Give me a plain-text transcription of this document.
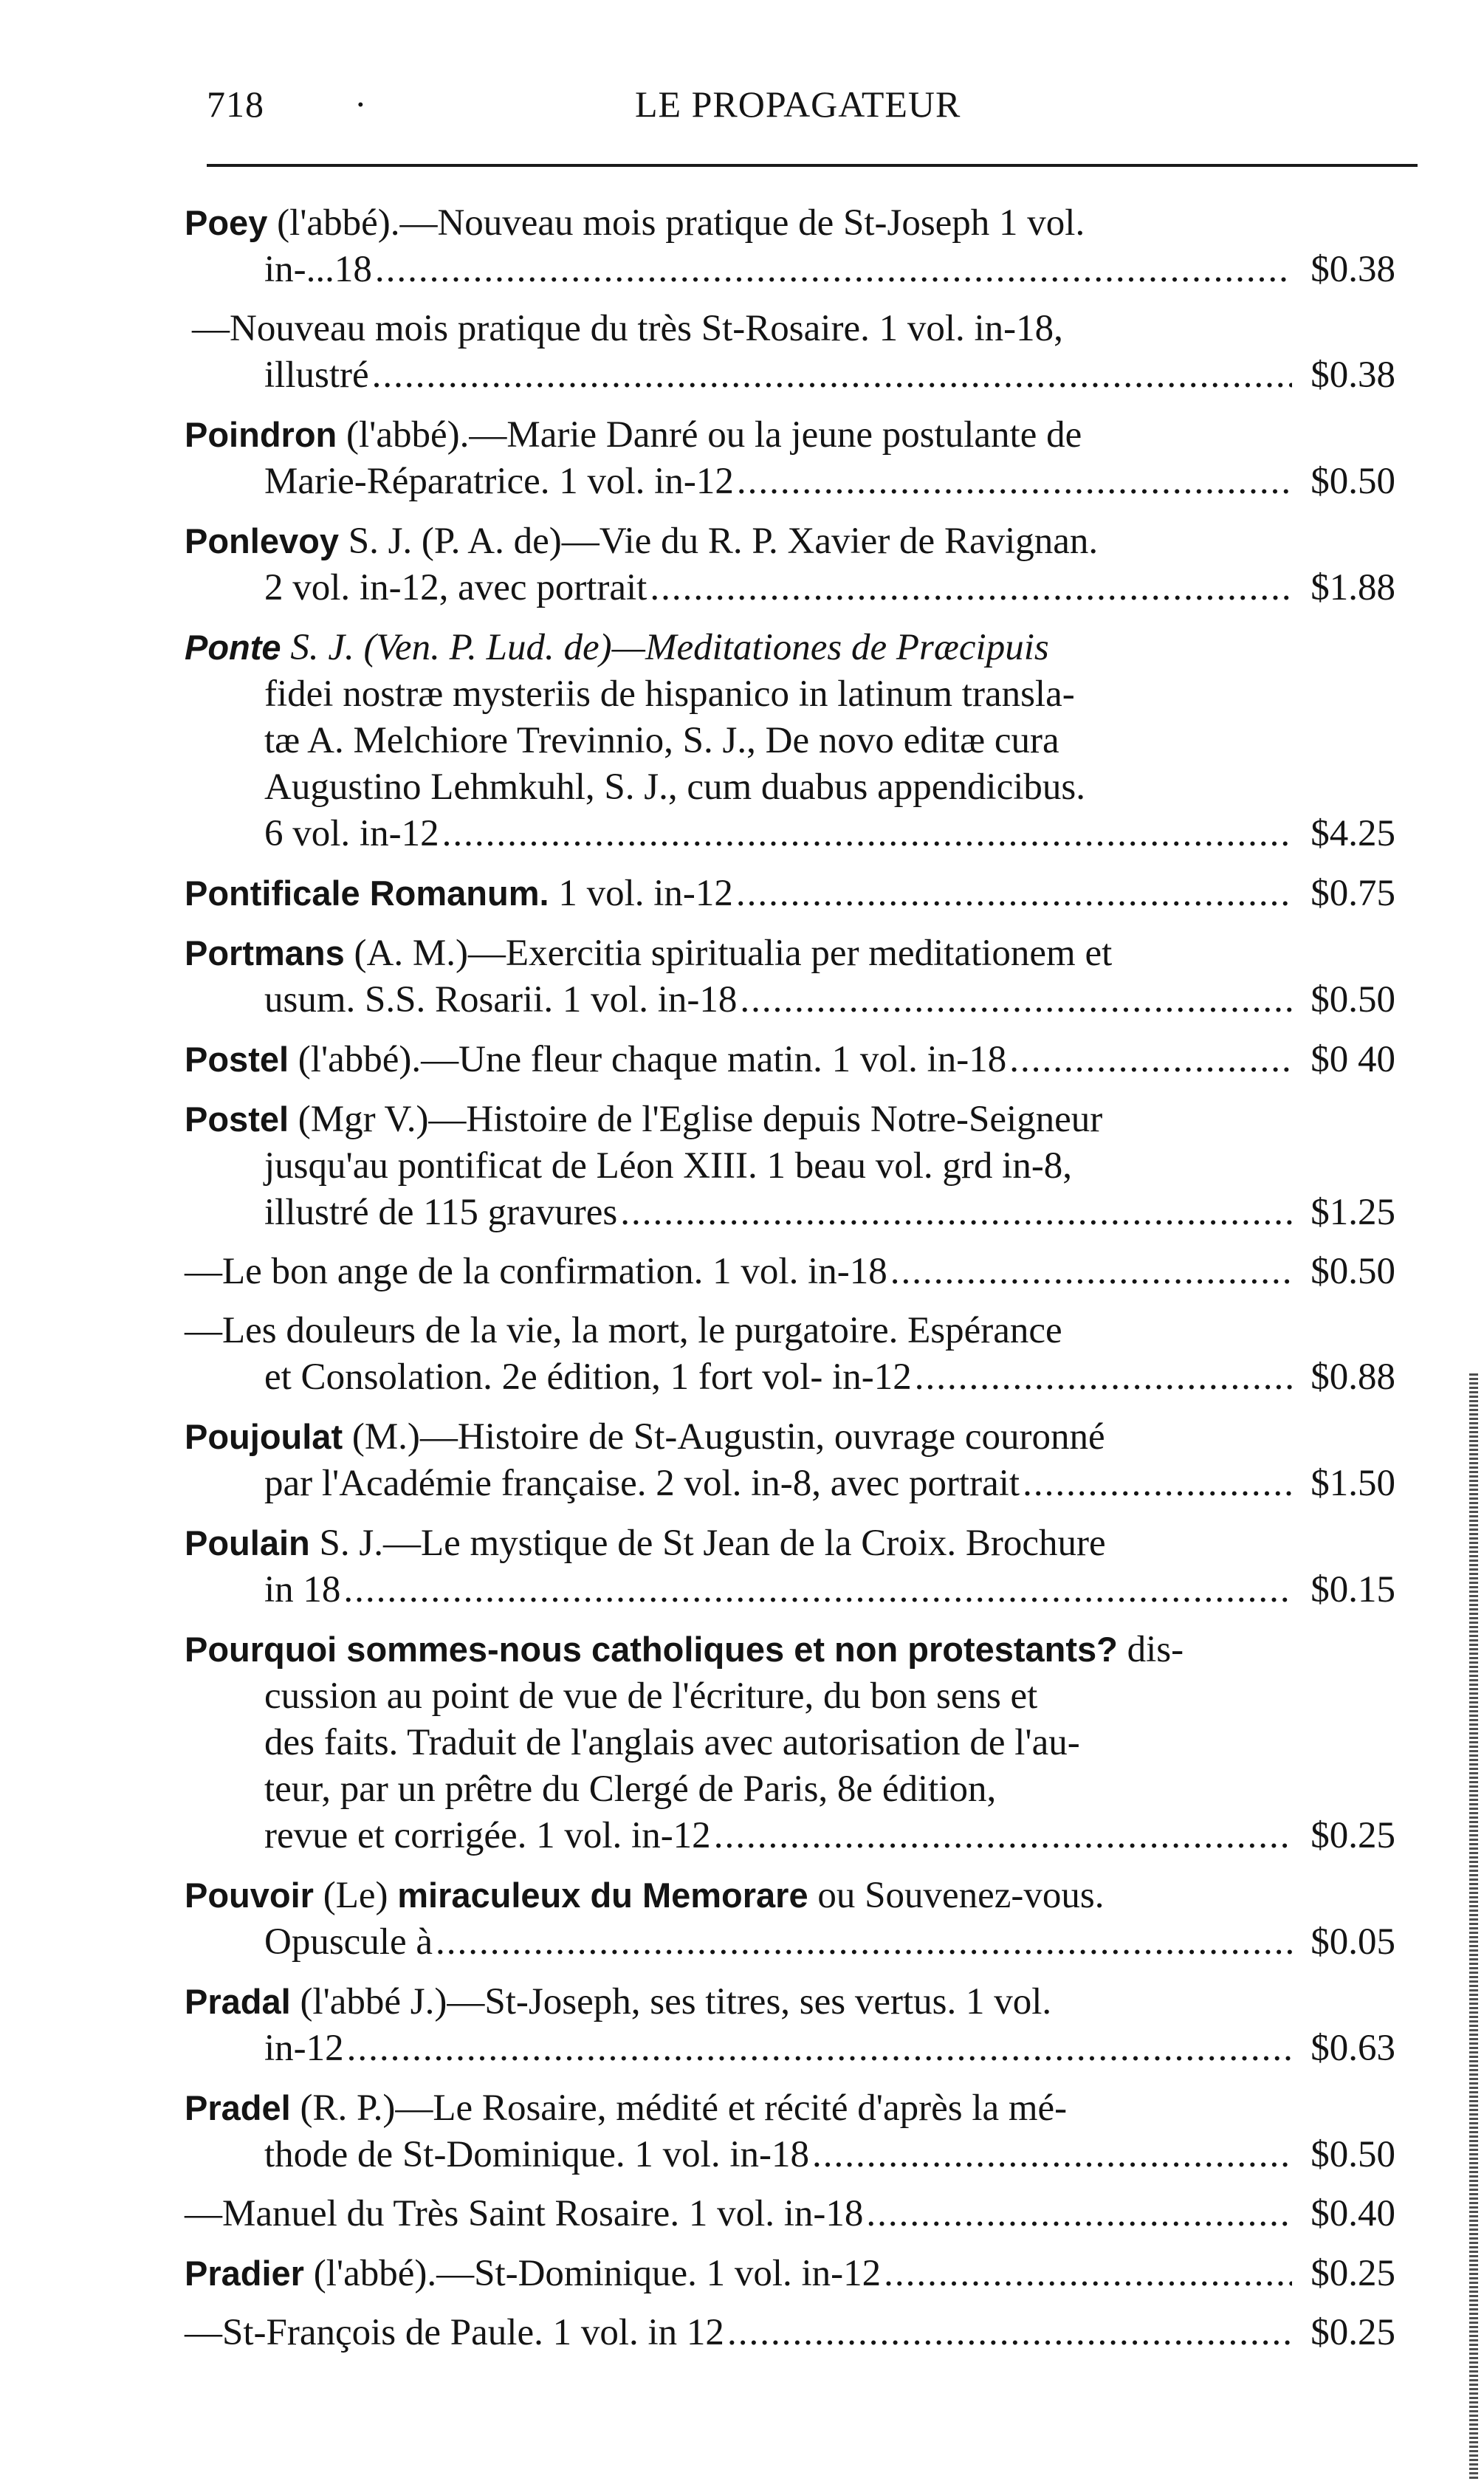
718 ·	LE PROPAGATEUR
Poey
(l'abbé).—Nouveau mois pratique de St-Joseph 1 vol.
in-...18 .....	$0.38
—Nouveau mois pratique du très St-Rosaire. 1 vol. in-18,
illustré .....	$0.38
Poindron
(l'abbé).—Marie Danré ou la jeune postulante de
Marie-Réparatrice. 1 vol. in-12 .....	$0.50
Ponlevoy
S. J. (P. A. de)—Vie du R. P. Xavier de Ravignan.
2 vol. in-12, avec portrait .....	$1.88
Ponte
S. J. (Ven. P. Lud. de)—Meditationes de Præcipuis
fidei nostræ mysteriis de hispanico in latinum transla-
tæ A. Melchiore Trevinnio, S. J., De novo editæ cura
Augustino Lehmkuhl, S. J., cum duabus appendicibus.
6 vol. in-12 .....	$4.25
Pontificale Romanum.
1 vol. in-12 .....	$0.75
Portmans
(A. M.)—Exercitia spiritualia per meditationem et
usum. S.S. Rosarii. 1 vol. in-18 .....	$0.50
Postel
(l'abbé).—Une fleur chaque matin. 1 vol. in-18 .....	$0 40
Postel
(Mgr V.)—Histoire de l'Eglise depuis Notre-Seigneur
jusqu'au pontificat de Léon XIII. 1 beau vol. grd in-8,
illustré de 115 gravures .....	$1.25
—Le bon ange de la confirmation. 1 vol. in-18 .....	$0.50
—Les douleurs de la vie, la mort, le purgatoire. Espérance
et Consolation. 2e édition, 1 fort vol- in-12 .....	$0.88
Poujoulat
(M.)—Histoire de St-Augustin, ouvrage couronné
par l'Académie française. 2 vol. in-8, avec portrait .....	$1.50
Poulain
S. J.—Le mystique de St Jean de la Croix. Brochure
in 18 .....	$0.15
Pourquoi sommes-nous catholiques et non protestants?
dis-
cussion au point de vue de l'écriture, du bon sens et
des faits. Traduit de l'anglais avec autorisation de l'au-
teur, par un prêtre du Clergé de Paris, 8e édition,
revue et corrigée. 1 vol. in-12 .....	$0.25
Pouvoir
(Le)
miraculeux du Memorare
ou Souvenez-vous.
Opuscule à .....	$0.05
Pradal
(l'abbé J.)—St-Joseph, ses titres, ses vertus. 1 vol.
in-12 .....	$0.63
Pradel
(R. P.)—Le Rosaire, médité et récité d'après la mé-
thode de St-Dominique. 1 vol. in-18 .....	$0.50
—Manuel du Très Saint Rosaire. 1 vol. in-18 .....	$0.40
Pradier
(l'abbé).—St-Dominique. 1 vol. in-12 .....	$0.25
—St-François de Paule. 1 vol. in 12 .....	$0.25
